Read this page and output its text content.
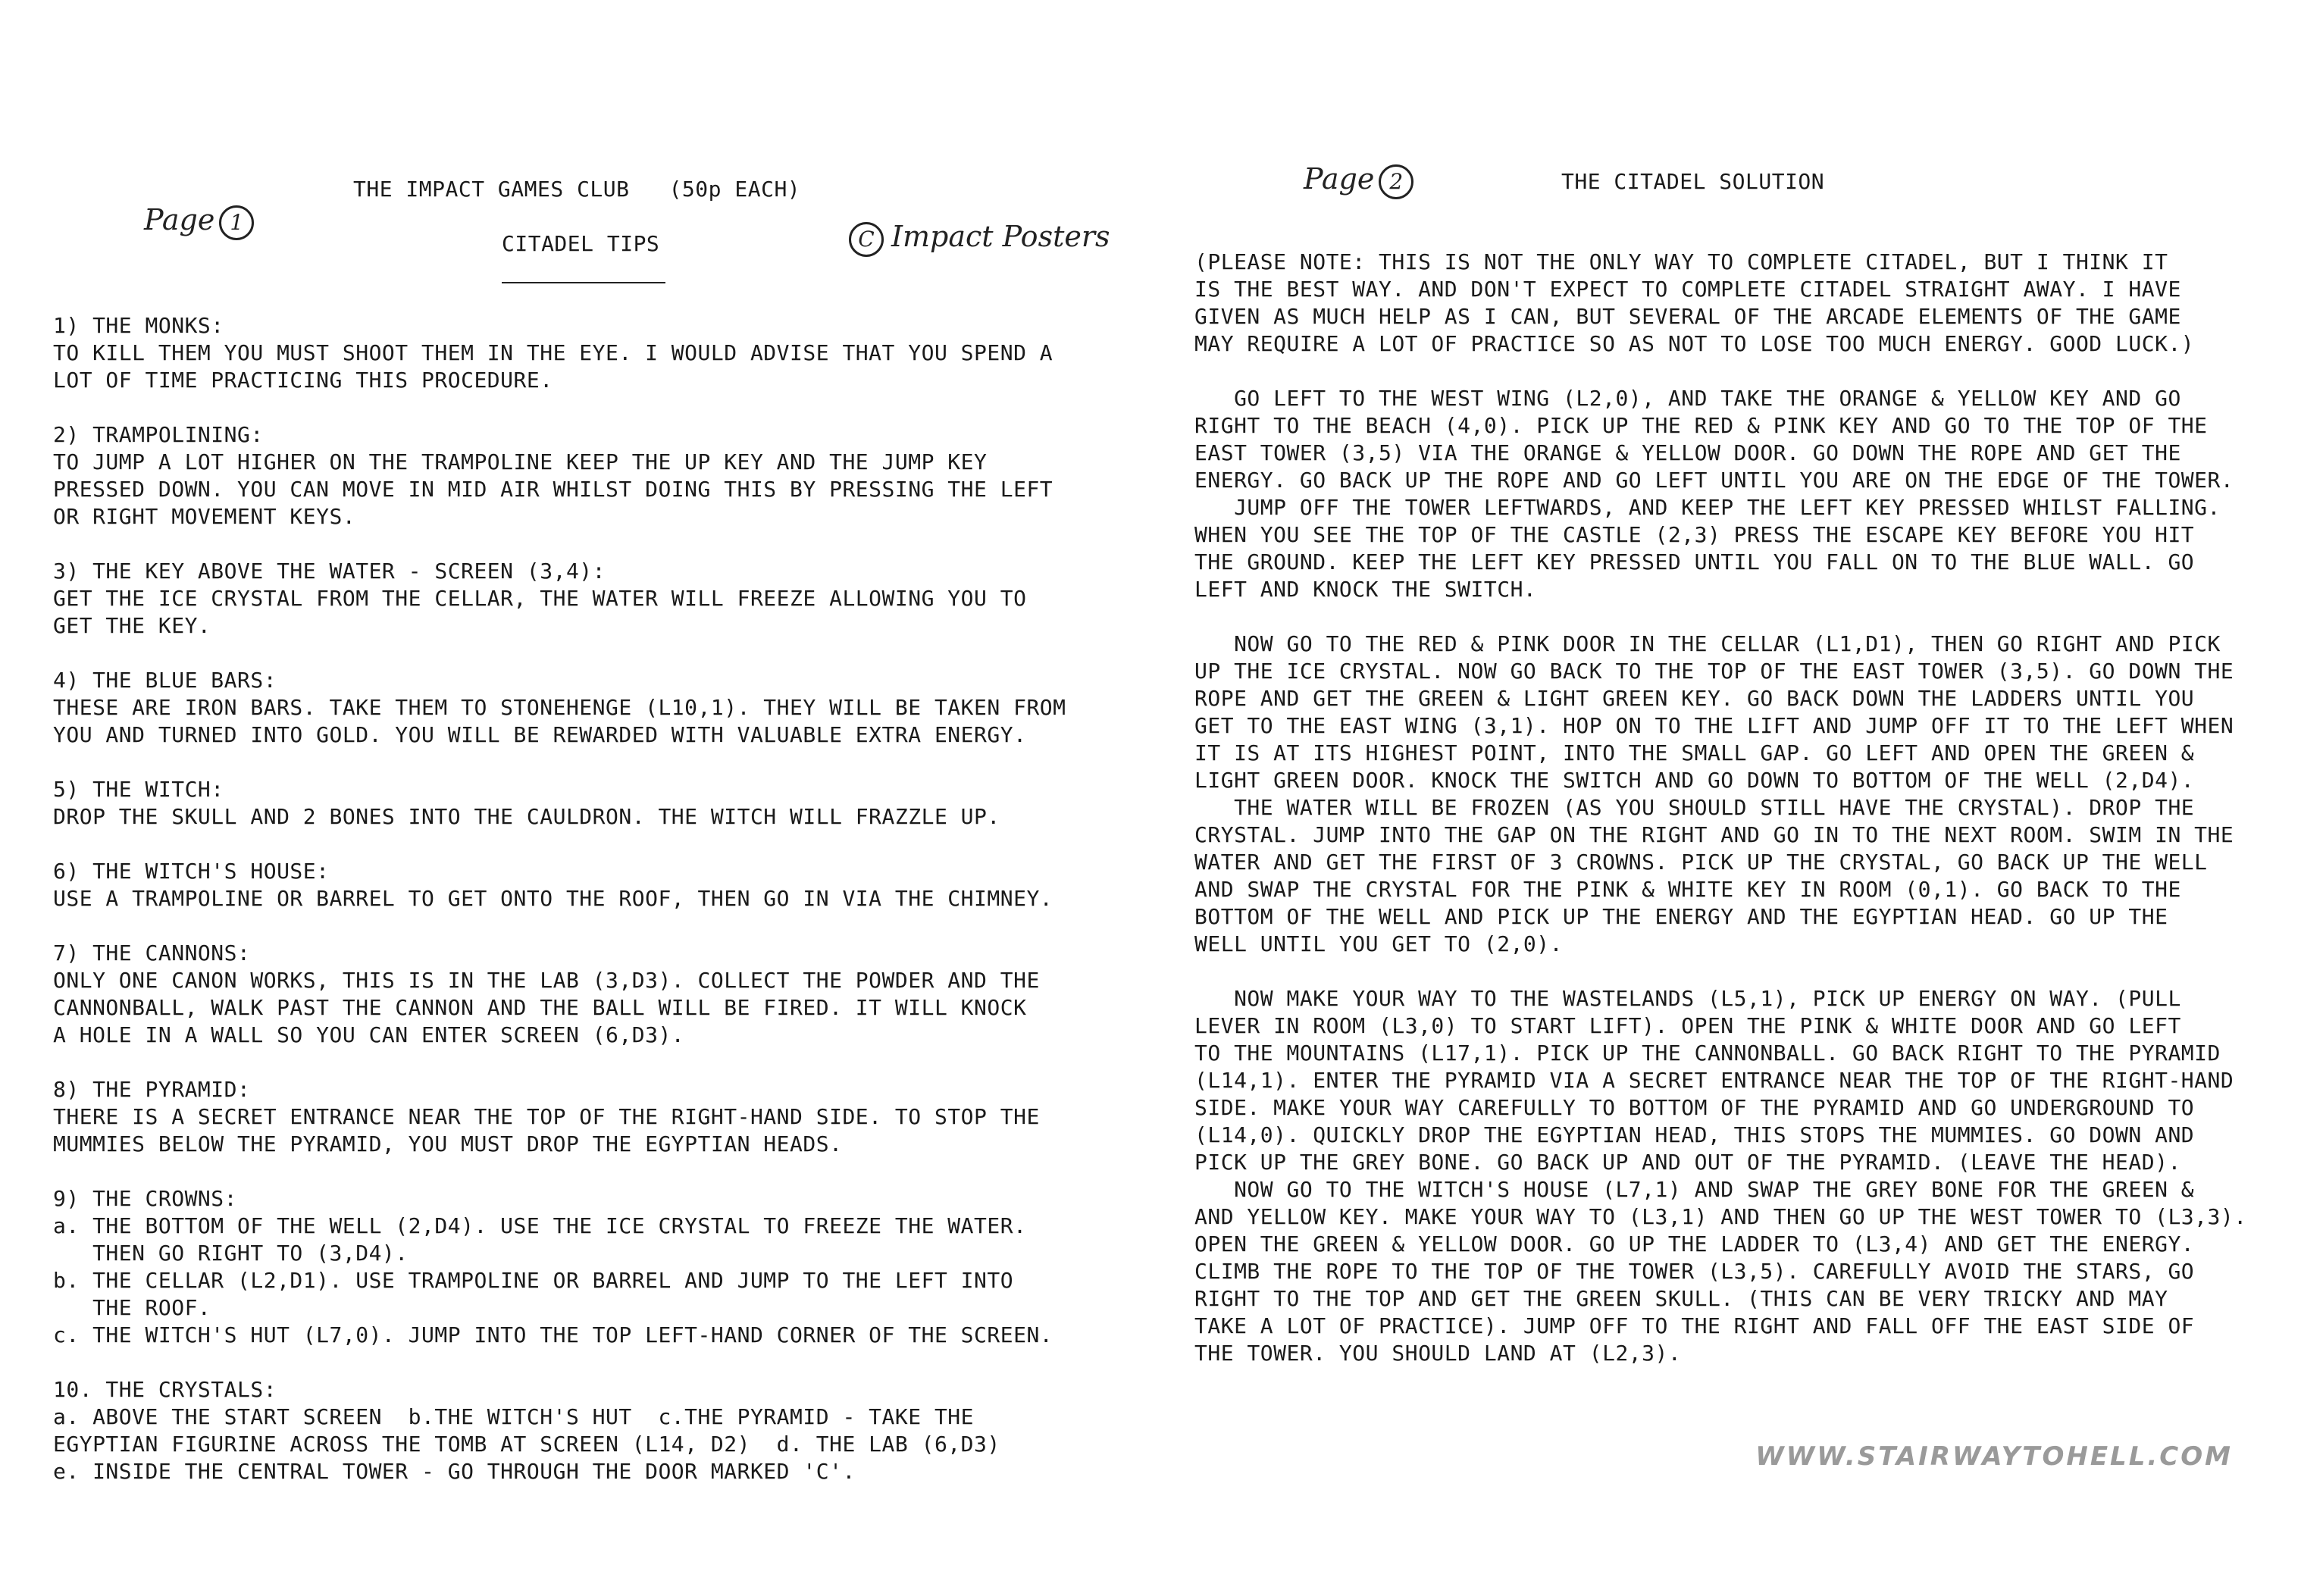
Page 1
THE IMPACT GAMES CLUB   (50p EACH)
CITADEL TIPS	C Impact Posters
1) THE MONKS:
TO KILL THEM YOU MUST SHOOT THEM IN THE EYE. I WOULD ADVISE THAT YOU SPEND A
LOT OF TIME PRACTICING THIS PROCEDURE.

2) TRAMPOLINING:
TO JUMP A LOT HIGHER ON THE TRAMPOLINE KEEP THE UP KEY AND THE JUMP KEY
PRESSED DOWN. YOU CAN MOVE IN MID AIR WHILST DOING THIS BY PRESSING THE LEFT
OR RIGHT MOVEMENT KEYS.

3) THE KEY ABOVE THE WATER - SCREEN (3,4):
GET THE ICE CRYSTAL FROM THE CELLAR, THE WATER WILL FREEZE ALLOWING YOU TO
GET THE KEY.

4) THE BLUE BARS:
THESE ARE IRON BARS. TAKE THEM TO STONEHENGE (L10,1). THEY WILL BE TAKEN FROM
YOU AND TURNED INTO GOLD. YOU WILL BE REWARDED WITH VALUABLE EXTRA ENERGY.

5) THE WITCH:
DROP THE SKULL AND 2 BONES INTO THE CAULDRON. THE WITCH WILL FRAZZLE UP.

6) THE WITCH'S HOUSE:
USE A TRAMPOLINE OR BARREL TO GET ONTO THE ROOF, THEN GO IN VIA THE CHIMNEY.

7) THE CANNONS:
ONLY ONE CANON WORKS, THIS IS IN THE LAB (3,D3). COLLECT THE POWDER AND THE
CANNONBALL, WALK PAST THE CANNON AND THE BALL WILL BE FIRED. IT WILL KNOCK
A HOLE IN A WALL SO YOU CAN ENTER SCREEN (6,D3).

8) THE PYRAMID:
THERE IS A SECRET ENTRANCE NEAR THE TOP OF THE RIGHT-HAND SIDE. TO STOP THE
MUMMIES BELOW THE PYRAMID, YOU MUST DROP THE EGYPTIAN HEADS.

9) THE CROWNS:
a. THE BOTTOM OF THE WELL (2,D4). USE THE ICE CRYSTAL TO FREEZE THE WATER.
THEN GO RIGHT TO (3,D4).
b. THE CELLAR (L2,D1). USE TRAMPOLINE OR BARREL AND JUMP TO THE LEFT INTO
THE ROOF.
c. THE WITCH'S HUT (L7,0). JUMP INTO THE TOP LEFT-HAND CORNER OF THE SCREEN.

10. THE CRYSTALS:
a. ABOVE THE START SCREEN  b.THE WITCH'S HUT  c.THE PYRAMID - TAKE THE
EGYPTIAN FIGURINE ACROSS THE TOMB AT SCREEN (L14, D2)  d. THE LAB (6,D3)
e. INSIDE THE CENTRAL TOWER - GO THROUGH THE DOOR MARKED 'C'.
Page 2	THE CITADEL SOLUTION
(PLEASE NOTE: THIS IS NOT THE ONLY WAY TO COMPLETE CITADEL, BUT I THINK IT
IS THE BEST WAY. AND DON'T EXPECT TO COMPLETE CITADEL STRAIGHT AWAY. I HAVE
GIVEN AS MUCH HELP AS I CAN, BUT SEVERAL OF THE ARCADE ELEMENTS OF THE GAME
MAY REQUIRE A LOT OF PRACTICE SO AS NOT TO LOSE TOO MUCH ENERGY. GOOD LUCK.)

GO LEFT TO THE WEST WING (L2,0), AND TAKE THE ORANGE & YELLOW KEY AND GO
RIGHT TO THE BEACH (4,0). PICK UP THE RED & PINK KEY AND GO TO THE TOP OF THE
EAST TOWER (3,5) VIA THE ORANGE & YELLOW DOOR. GO DOWN THE ROPE AND GET THE
ENERGY. GO BACK UP THE ROPE AND GO LEFT UNTIL YOU ARE ON THE EDGE OF THE TOWER.
JUMP OFF THE TOWER LEFTWARDS, AND KEEP THE LEFT KEY PRESSED WHILST FALLING.
WHEN YOU SEE THE TOP OF THE CASTLE (2,3) PRESS THE ESCAPE KEY BEFORE YOU HIT
THE GROUND. KEEP THE LEFT KEY PRESSED UNTIL YOU FALL ON TO THE BLUE WALL. GO
LEFT AND KNOCK THE SWITCH.

NOW GO TO THE RED & PINK DOOR IN THE CELLAR (L1,D1), THEN GO RIGHT AND PICK
UP THE ICE CRYSTAL. NOW GO BACK TO THE TOP OF THE EAST TOWER (3,5). GO DOWN THE
ROPE AND GET THE GREEN & LIGHT GREEN KEY. GO BACK DOWN THE LADDERS UNTIL YOU
GET TO THE EAST WING (3,1). HOP ON TO THE LIFT AND JUMP OFF IT TO THE LEFT WHEN
IT IS AT ITS HIGHEST POINT, INTO THE SMALL GAP. GO LEFT AND OPEN THE GREEN &
LIGHT GREEN DOOR. KNOCK THE SWITCH AND GO DOWN TO BOTTOM OF THE WELL (2,D4).
THE WATER WILL BE FROZEN (AS YOU SHOULD STILL HAVE THE CRYSTAL). DROP THE
CRYSTAL. JUMP INTO THE GAP ON THE RIGHT AND GO IN TO THE NEXT ROOM. SWIM IN THE
WATER AND GET THE FIRST OF 3 CROWNS. PICK UP THE CRYSTAL, GO BACK UP THE WELL
AND SWAP THE CRYSTAL FOR THE PINK & WHITE KEY IN ROOM (0,1). GO BACK TO THE
BOTTOM OF THE WELL AND PICK UP THE ENERGY AND THE EGYPTIAN HEAD. GO UP THE
WELL UNTIL YOU GET TO (2,0).

NOW MAKE YOUR WAY TO THE WASTELANDS (L5,1), PICK UP ENERGY ON WAY. (PULL
LEVER IN ROOM (L3,0) TO START LIFT). OPEN THE PINK & WHITE DOOR AND GO LEFT
TO THE MOUNTAINS (L17,1). PICK UP THE CANNONBALL. GO BACK RIGHT TO THE PYRAMID
(L14,1). ENTER THE PYRAMID VIA A SECRET ENTRANCE NEAR THE TOP OF THE RIGHT-HAND
SIDE. MAKE YOUR WAY CAREFULLY TO BOTTOM OF THE PYRAMID AND GO UNDERGROUND TO
(L14,0). QUICKLY DROP THE EGYPTIAN HEAD, THIS STOPS THE MUMMIES. GO DOWN AND
PICK UP THE GREY BONE. GO BACK UP AND OUT OF THE PYRAMID. (LEAVE THE HEAD).
NOW GO TO THE WITCH'S HOUSE (L7,1) AND SWAP THE GREY BONE FOR THE GREEN &
AND YELLOW KEY. MAKE YOUR WAY TO (L3,1) AND THEN GO UP THE WEST TOWER TO (L3,3).
OPEN THE GREEN & YELLOW DOOR. GO UP THE LADDER TO (L3,4) AND GET THE ENERGY.
CLIMB THE ROPE TO THE TOP OF THE TOWER (L3,5). CAREFULLY AVOID THE STARS, GO
RIGHT TO THE TOP AND GET THE GREEN SKULL. (THIS CAN BE VERY TRICKY AND MAY
TAKE A LOT OF PRACTICE). JUMP OFF TO THE RIGHT AND FALL OFF THE EAST SIDE OF
THE TOWER. YOU SHOULD LAND AT (L2,3).
WWW.STAIRWAYTOHELL.COM
